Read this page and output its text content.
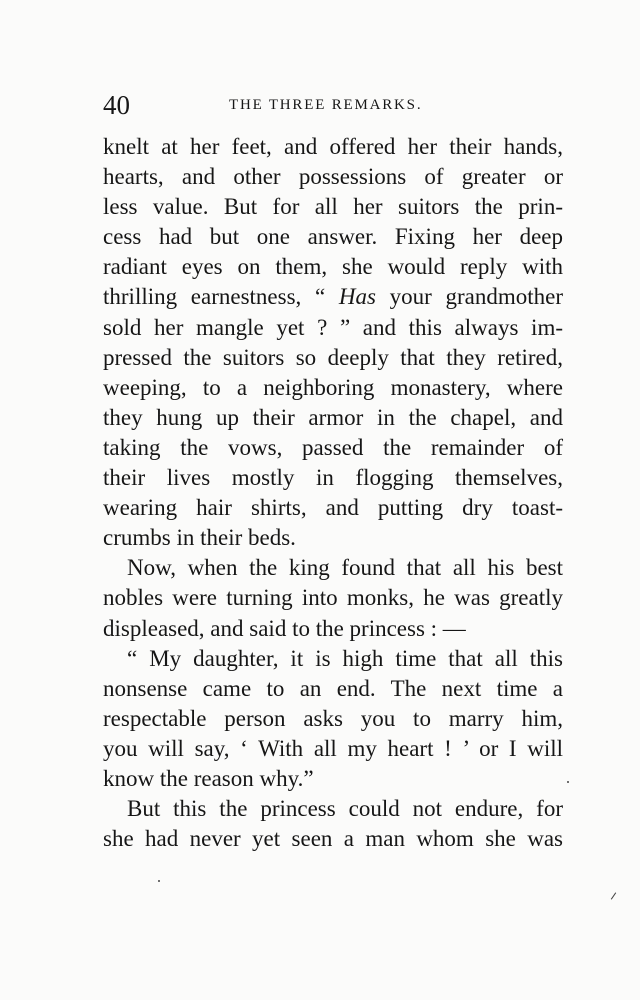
40	THE THREE REMARKS.
knelt at her feet, and offered her their hands,
hearts, and other possessions of greater or
less value. But for all her suitors the prin-
cess had but one answer. Fixing her deep
radiant eyes on them, she would reply with
thrilling earnestness, “ Has your grandmother
sold her mangle yet ? ” and this always im-
pressed the suitors so deeply that they retired,
weeping, to a neighboring monastery, where
they hung up their armor in the chapel, and
taking the vows, passed the remainder of
their lives mostly in flogging themselves,
wearing hair shirts, and putting dry toast-
crumbs in their beds.
Now, when the king found that all his best
nobles were turning into monks, he was greatly
displeased, and said to the princess : —
“ My daughter, it is high time that all this
nonsense came to an end. The next time a
respectable person asks you to marry him,
you will say, ‘ With all my heart ! ’ or I will
know the reason why.”
But this the princess could not endure, for
she had never yet seen a man whom she was
